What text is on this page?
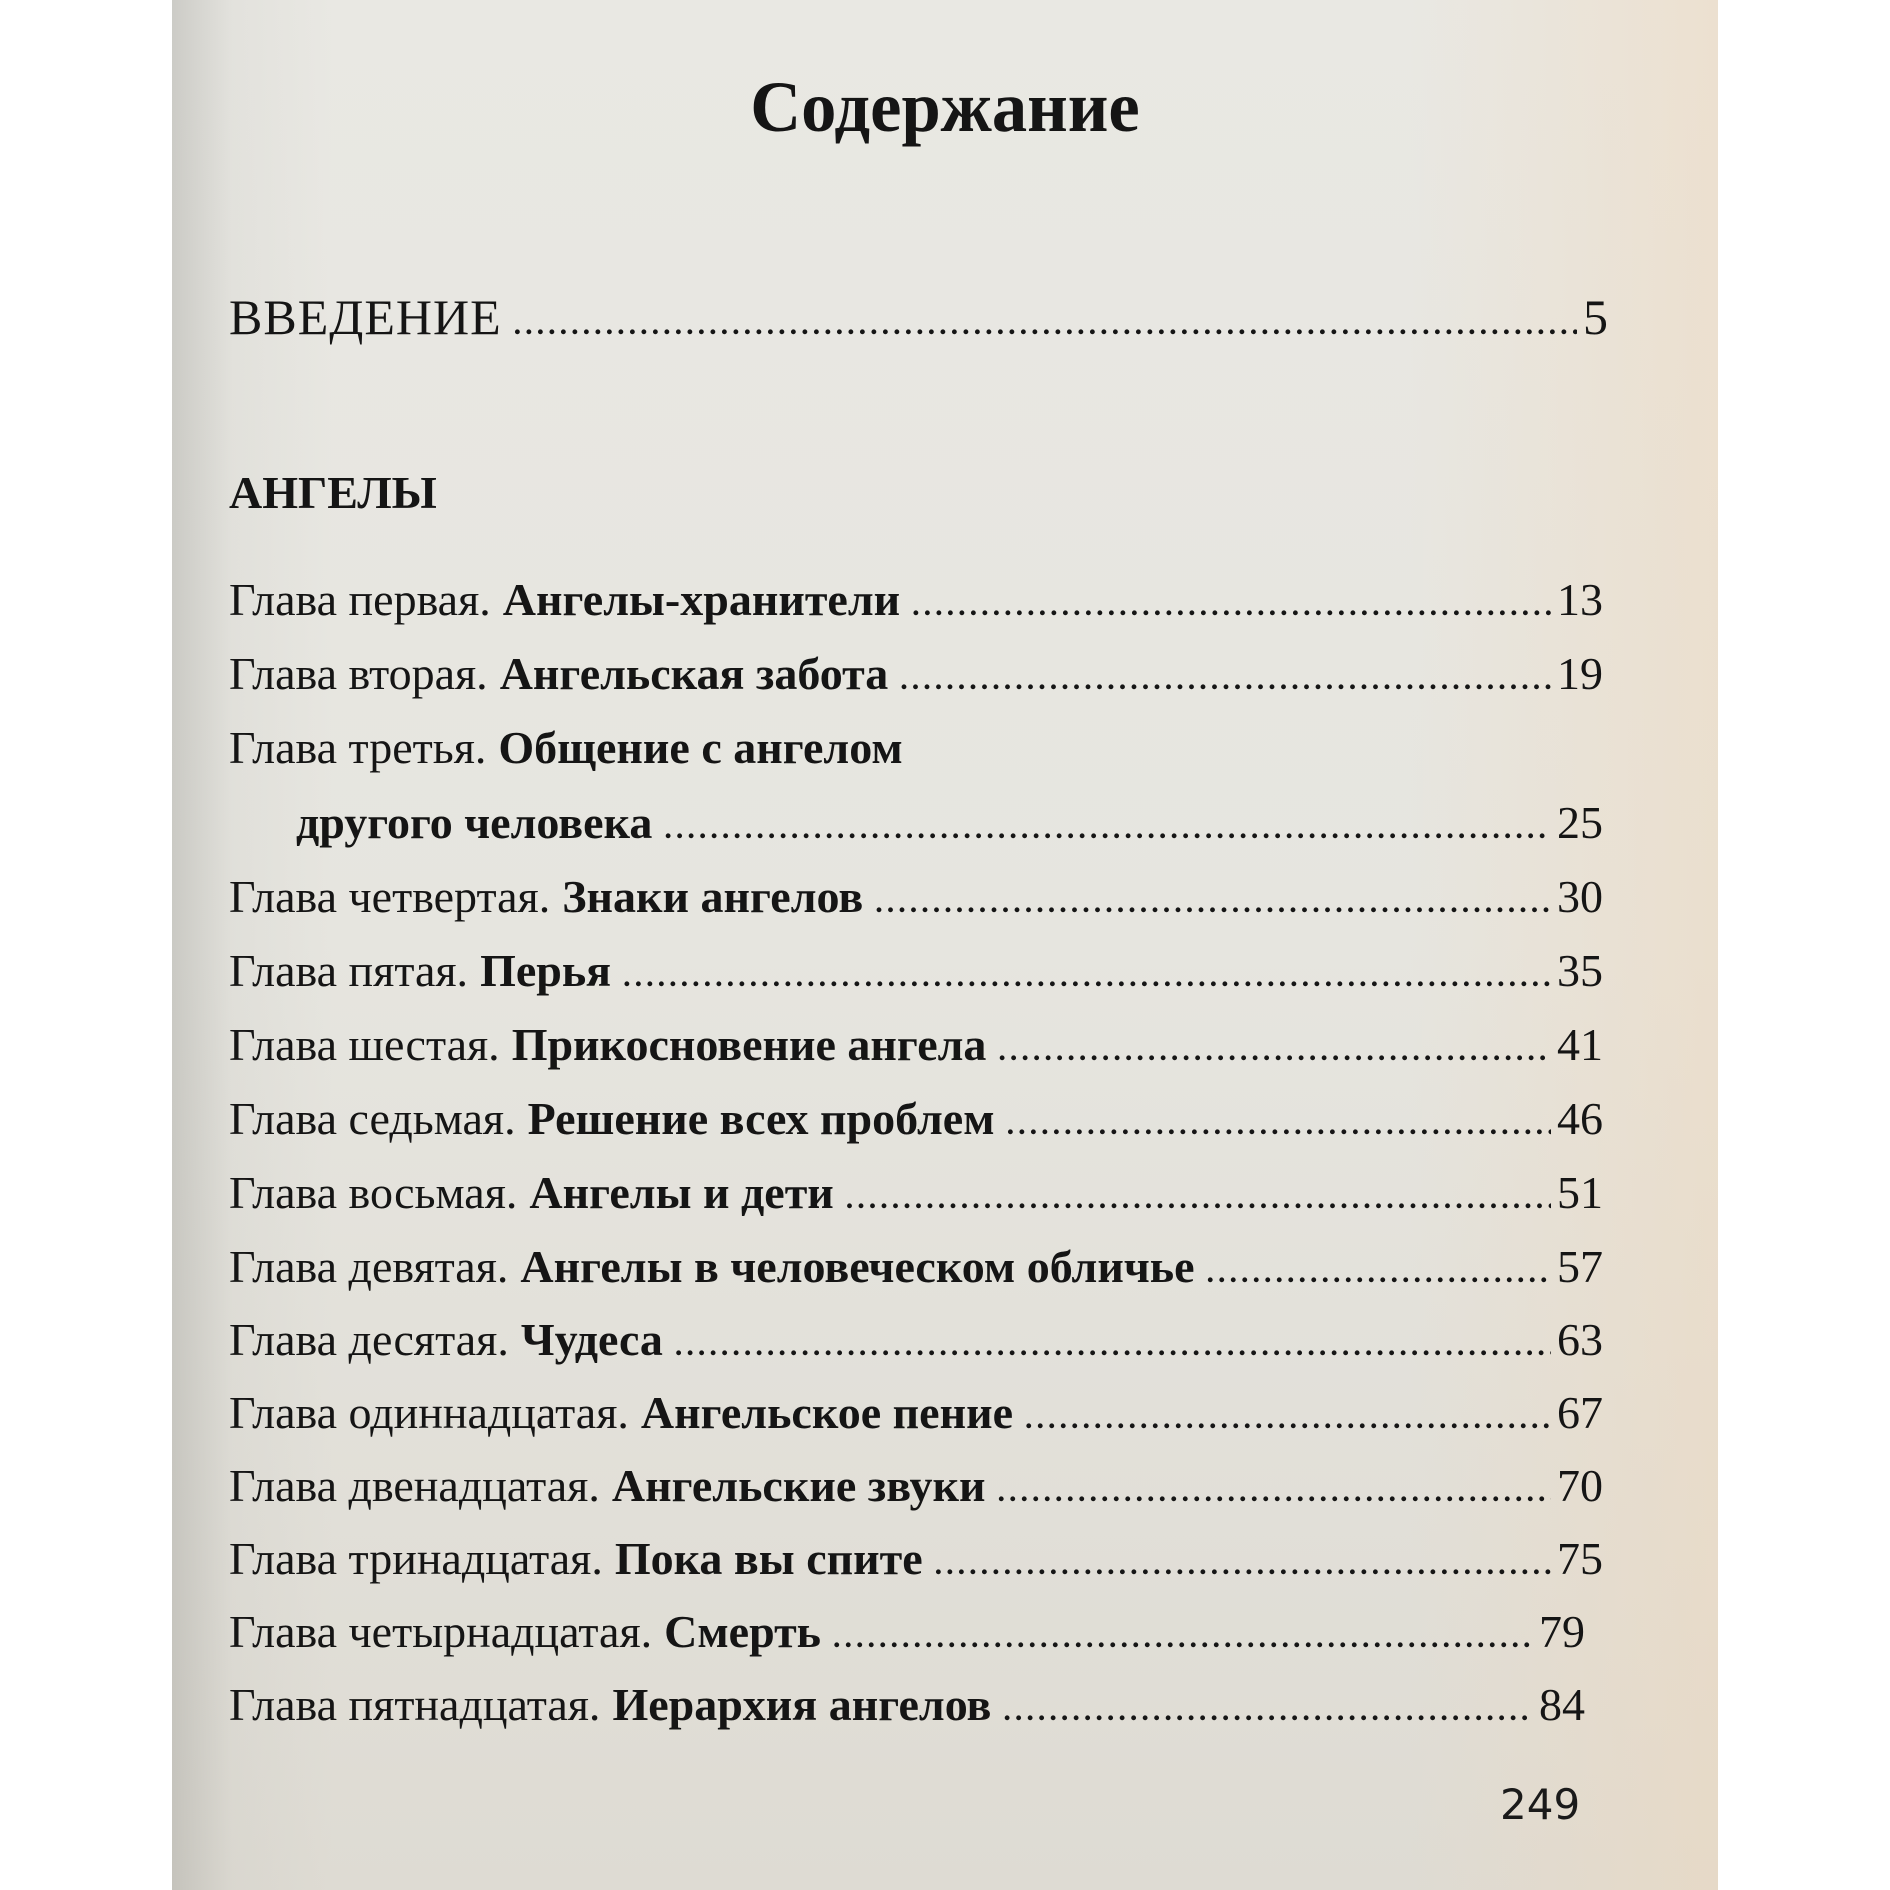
Содержание
ВВЕДЕНИЕ .....	5
АНГЕЛЫ
Глава первая. Ангелы-хранители .....	13
Глава вторая. Ангельская забота .....	19
Глава третья. Общение с ангелом
другого человека .....	25
Глава четвертая. Знаки ангелов .....	30
Глава пятая. Перья .....	35
Глава шестая. Прикосновение ангела .....	41
Глава седьмая. Решение всех проблем .....	46
Глава восьмая. Ангелы и дети .....	51
Глава девятая. Ангелы в человеческом обличье .....	57
Глава десятая. Чудеса .....	63
Глава одиннадцатая. Ангельское пение .....	67
Глава двенадцатая. Ангельские звуки .....	70
Глава тринадцатая. Пока вы спите .....	75
Глава четырнадцатая. Смерть .....	79
Глава пятнадцатая. Иерархия ангелов .....	84
249
